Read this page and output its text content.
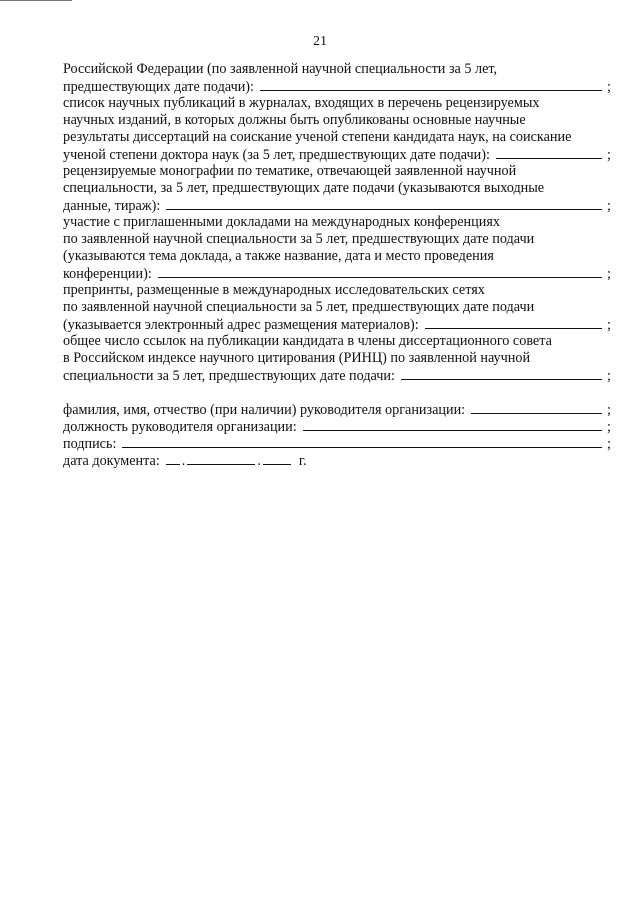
21
Российской Федерации (по заявленной научной специальности за 5 лет,
предшествующих дате подачи):	;
список научных публикаций в журналах, входящих в перечень рецензируемых
научных изданий, в которых должны быть опубликованы основные научные
результаты диссертаций на соискание ученой степени кандидата наук, на соискание
ученой степени доктора наук (за 5 лет, предшествующих дате подачи):	;
рецензируемые монографии по тематике, отвечающей заявленной научной
специальности, за 5 лет, предшествующих дате подачи (указываются выходные
данные, тираж):	;
участие с приглашенными докладами на международных конференциях
по заявленной научной специальности за 5 лет, предшествующих дате подачи
(указываются тема доклада, а также название, дата и место проведения
конференции):	;
препринты, размещенные в международных исследовательских сетях
по заявленной научной специальности за 5 лет, предшествующих дате подачи
(указывается электронный адрес размещения материалов):	;
общее число ссылок на публикации кандидата в члены диссертационного совета
в Российском индексе научного цитирования (РИНЦ) по заявленной научной
специальности за 5 лет, предшествующих дате подачи:	;
фамилия, имя, отчество (при наличии) руководителя организации:	;
должность руководителя организации:	;
подпись:	;
дата документа: .	.	г.
